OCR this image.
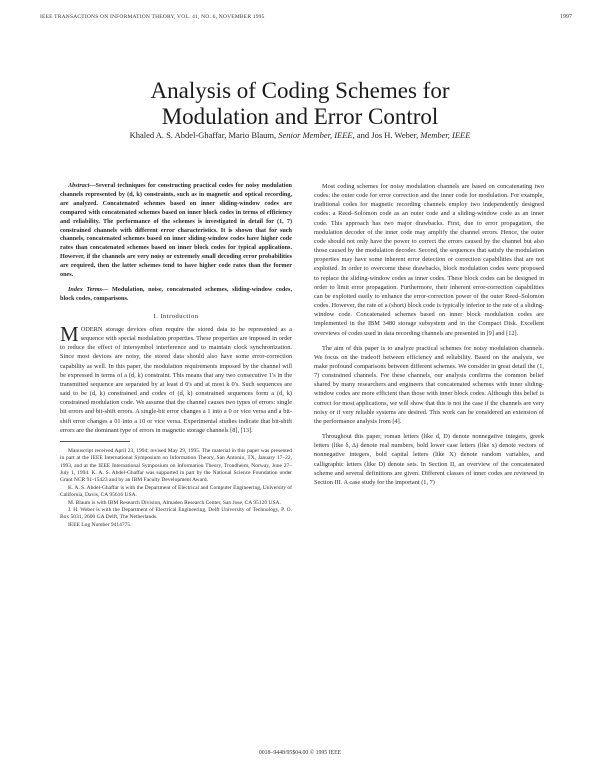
IEEE TRANSACTIONS ON INFORMATION THEORY, VOL. 41, NO. 6, NOVEMBER 1995	1997
Analysis of Coding Schemes for
Modulation and Error Control
Khaled A. S. Abdel-Ghaffar, Mario Blaum, Senior Member, IEEE, and Jos H. Weber, Member, IEEE

Abstract—Several techniques for constructing practical codes for noisy modulation channels represented by (d, k) constraints, such as in magnetic and optical recording, are analyzed. Concatenated schemes based on inner sliding-window codes are compared with concatenated schemes based on inner block codes in terms of efficiency and reliability. The performance of the schemes is investigated in detail for (1, 7) constrained channels with different error characteristics. It is shown that for such channels, concatenated schemes based on inner sliding-window codes have higher code rates than concatenated schemes based on inner block codes for typical applications. However, if the channels are very noisy or extremely small decoding error probabilities are required, then the latter schemes tend to have higher code rates than the former ones.

Index Terms— Modulation, noise, concatenated schemes, sliding-window codes, block codes, comparisons.

I. Introduction

MODERN storage devices often require the stored data to be represented as a sequence with special modulation properties. These properties are imposed in order to reduce the effect of intersymbol interference and to maintain clock synchronization. Since most devices are noisy, the stored data should also have some error-correction capability as well. In this paper, the modulation requirements imposed by the channel will be expressed in terms of a (d, k) constraint. This means that any two consecutive 1's in the transmitted sequence are separated by at least d 0's and at most k 0's. Such sequences are said to be (d, k) constrained and codes of (d, k) constrained sequences form a (d, k) constrained modulation code. We assume that the channel causes two types of errors: single bit errors and bit-shift errors. A single-bit error changes a 1 into a 0 or vice versa and a bit-shift error changes a 01 into a 10 or vice versa. Experimental studies indicate that bit-shift errors are the dominant type of errors in magnetic storage channels [8], [13].

Manuscript received April 23, 1994; revised May 29, 1995. The material in this paper was presented in part at the IEEE International Symposium on Information Theory, San Antonio, TX, January 17–22, 1993, and at the IEEE International Symposium on Information Theory, Trondheim, Norway, June 27–July 1, 1994. K. A. S. Abdel-Ghaffar was supported in part by the National Science Foundation under Grant NCR 91-15423 and by an IBM Faculty Development Award.

K. A. S. Abdel-Ghaffar is with the Department of Electrical and Computer Engineering, University of California, Davis, CA 95616 USA.

M. Blaum is with IBM Research Division, Almaden Research Center, San Jose, CA 95120 USA.

J. H. Weber is with the Department of Electrical Engineering, Delft University of Technology, P. O. Box 5031, 2600 GA Delft, The Netherlands.

IEEE Log Number 9414775.

Most coding schemes for noisy modulation channels are based on concatenating two codes: the outer code for error correction and the inner code for modulation. For example, traditional codes for magnetic recording channels employ two independently designed codes: a Reed–Solomon code as an outer code and a sliding-window code as an inner code. This approach has two major drawbacks. First, due to error propagation, the modulation decoder of the inner code may amplify the channel errors. Hence, the outer code should not only have the power to correct the errors caused by the channel but also those caused by the modulation decoder. Second, the sequences that satisfy the modulation properties may have some inherent error detection or correction capabilities that are not exploited. In order to overcome these drawbacks, block modulation codes were proposed to replace the sliding-window codes as inner codes. These block codes can be designed in order to limit error propagation. Furthermore, their inherent error-correction capabilities can be exploited easily to enhance the error-correction power of the outer Reed–Solomon codes. However, the rate of a (short) block code is typically inferior to the rate of a sliding-window code. Concatenated schemes based on inner block modulation codes are implemented in the IBM 3480 storage subsystem and in the Compact Disk. Excellent overviews of codes used in data recording channels are presented in [9] and [12].

The aim of this paper is to analyze practical schemes for noisy modulation channels. We focus on the tradeoff between efficiency and reliability. Based on the analysis, we make profound comparisons between different schemes. We consider in great detail the (1, 7) constrained channels. For these channels, our analysis confirms the common belief shared by many researchers and engineers that concatenated schemes with inner sliding-window codes are more efficient than those with inner block codes. Although this belief is correct for most applications, we will show that this is not the case if the channels are very noisy or if very reliable systems are desired. This work can be considered an extension of the performance analysis from [4].

Throughout this paper, roman letters (like d, D) denote nonnegative integers, greek letters (like δ, Δ) denote real numbers, bold lower case letters (like x) denote vectors of nonnegative integers, bold capital letters (like X) denote random variables, and calligraphic letters (like D) denote sets. In Section II, an overview of the concatenated scheme and several definitions are given. Different classes of inner codes are reviewed in Section III. A case study for the important (1, 7)

0018–9448/95$04.00 © 1995 IEEE
